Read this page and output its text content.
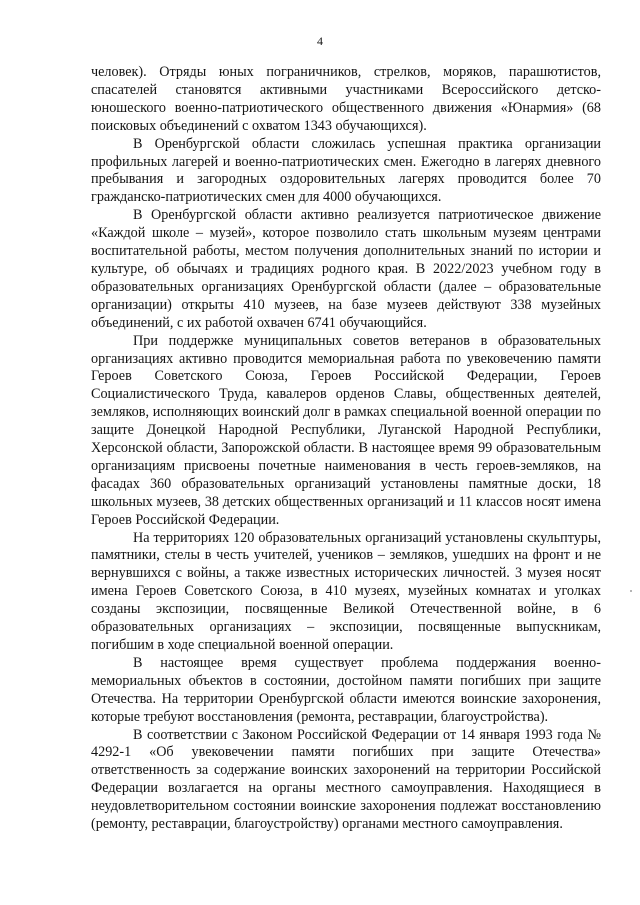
4

человек). Отряды юных пограничников, стрелков, моряков, парашютистов, спасателей становятся активными участниками Всероссийского детско-юношеского военно-патриотического общественного движения «Юнармия» (68 поисковых объединений с охватом 1343 обучающихся).

В Оренбургской области сложилась успешная практика организации профильных лагерей и военно-патриотических смен. Ежегодно в лагерях дневного пребывания и загородных оздоровительных лагерях проводится более 70 гражданско-патриотических смен для 4000 обучающихся.

В Оренбургской области активно реализуется патриотическое движение «Каждой школе – музей», которое позволило стать школьным музеям центрами воспитательной работы, местом получения дополнительных знаний по истории и культуре, об обычаях и традициях родного края. В 2022/2023 учебном году в образовательных организациях Оренбургской области (далее – образовательные организации) открыты 410 музеев, на базе музеев действуют 338 музейных объединений, с их работой охвачен 6741 обучающийся.

При поддержке муниципальных советов ветеранов в образовательных организациях активно проводится мемориальная работа по увековечению памяти Героев Советского Союза, Героев Российской Федерации, Героев Социалистического Труда, кавалеров орденов Славы, общественных деятелей, земляков, исполняющих воинский долг в рамках специальной военной операции по защите Донецкой Народной Республики, Луганской Народной Республики, Херсонской области, Запорожской области. В настоящее время 99 образовательным организациям присвоены почетные наименования в честь героев-земляков, на фасадах 360 образовательных организаций установлены памятные доски, 18 школьных музеев, 38 детских общественных организаций и 11 классов носят имена Героев Российской Федерации.

На территориях 120 образовательных организаций установлены скульптуры, памятники, стелы в честь учителей, учеников – земляков, ушедших на фронт и не вернувшихся с войны, а также известных исторических личностей. 3 музея носят имена Героев Советского Союза, в 410 музеях, музейных комнатах и уголках созданы экспозиции, посвященные Великой Отечественной войне, в 6 образовательных организациях – экспозиции, посвященные выпускникам, погибшим в ходе специальной военной операции.

В настоящее время существует проблема поддержания военно-мемориальных объектов в состоянии, достойном памяти погибших при защите Отечества. На территории Оренбургской области имеются воинские захоронения, которые требуют восстановления (ремонта, реставрации, благоустройства).

В соответствии с Законом Российской Федерации от 14 января 1993 года № 4292-1 «Об увековечении памяти погибших при защите Отечества» ответственность за содержание воинских захоронений на территории Российской Федерации возлагается на органы местного самоуправления. Находящиеся в неудовлетворительном состоянии воинские захоронения подлежат восстановлению (ремонту, реставрации, благоустройству) органами местного самоуправления.
